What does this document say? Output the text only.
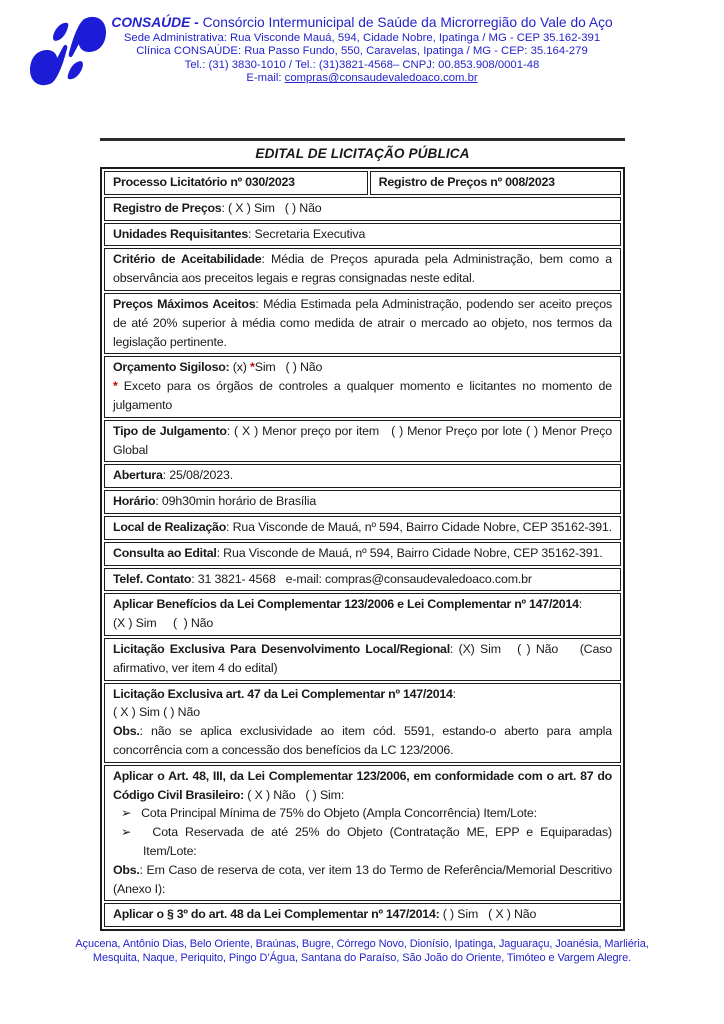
CONSAÚDE - Consórcio Intermunicipal de Saúde da Microrregião do Vale do Aço
Sede Administrativa: Rua Visconde Mauá, 594, Cidade Nobre, Ipatinga / MG - CEP 35.162-391
Clínica CONSAÚDE: Rua Passo Fundo, 550, Caravelas, Ipatinga / MG - CEP: 35.164-279
Tel.: (31) 3830-1010 / Tel.: (31)3821-4568– CNPJ: 00.853.908/0001-48
E-mail: compras@consaudevaledoaco.com.br
EDITAL DE LICITAÇÃO PÚBLICA
Processo Licitatório nº 030/2023	Registro de Preços nº 008/2023
Registro de Preços: ( X ) Sim   ( ) Não
Unidades Requisitantes: Secretaria Executiva
Critério de Aceitabilidade: Média de Preços apurada pela Administração, bem como a observância aos preceitos legais e regras consignadas neste edital.
Preços Máximos Aceitos: Média Estimada pela Administração, podendo ser aceito preços de até 20% superior à média como medida de atrair o mercado ao objeto, nos termos da legislação pertinente.
Orçamento Sigiloso: (x) *Sim   ( ) Não
* Exceto para os órgãos de controles a qualquer momento e licitantes no momento de julgamento
Tipo de Julgamento: ( X ) Menor preço por item   ( ) Menor Preço por lote ( ) Menor Preço Global
Abertura: 25/08/2023.
Horário: 09h30min horário de Brasília
Local de Realização: Rua Visconde de Mauá, nº 594, Bairro Cidade Nobre, CEP 35162-391.
Consulta ao Edital: Rua Visconde de Mauá, nº 594, Bairro Cidade Nobre, CEP 35162-391.
Telef. Contato: 31 3821- 4568   e-mail: compras@consaudevaledoaco.com.br
Aplicar Benefícios da Lei Complementar 123/2006 e Lei Complementar nº 147/2014:
(X ) Sim     (  ) Não
Licitação Exclusiva Para Desenvolvimento Local/Regional: (X) Sim   ( ) Não    (Caso afirmativo, ver item 4 do edital)
Licitação Exclusiva art. 47 da Lei Complementar nº 147/2014:
( X ) Sim ( ) Não
Obs.: não se aplica exclusividade ao item cód. 5591, estando-o aberto para ampla concorrência com a concessão dos benefícios da LC 123/2006.
Aplicar o Art. 48, III, da Lei Complementar 123/2006, em conformidade com o art. 87 do Código Civil Brasileiro: ( X ) Não   ( ) Sim:
➢   Cota Principal Mínima de 75% do Objeto (Ampla Concorrência) Item/Lote:
➢   Cota Reservada de até 25% do Objeto (Contratação ME, EPP e Equiparadas) Item/Lote:
Obs.: Em Caso de reserva de cota, ver item 13 do Termo de Referência/Memorial Descritivo (Anexo I):
Aplicar o § 3º do art. 48 da Lei Complementar nº 147/2014: ( ) Sim   ( X ) Não
Açucena, Antônio Dias, Belo Oriente, Braúnas, Bugre, Córrego Novo, Dionísio, Ipatinga, Jaguaraçu, Joanésia, Marliéria,
Mesquita, Naque, Periquito, Pingo D’Água, Santana do Paraíso, São João do Oriente, Timóteo e Vargem Alegre.
